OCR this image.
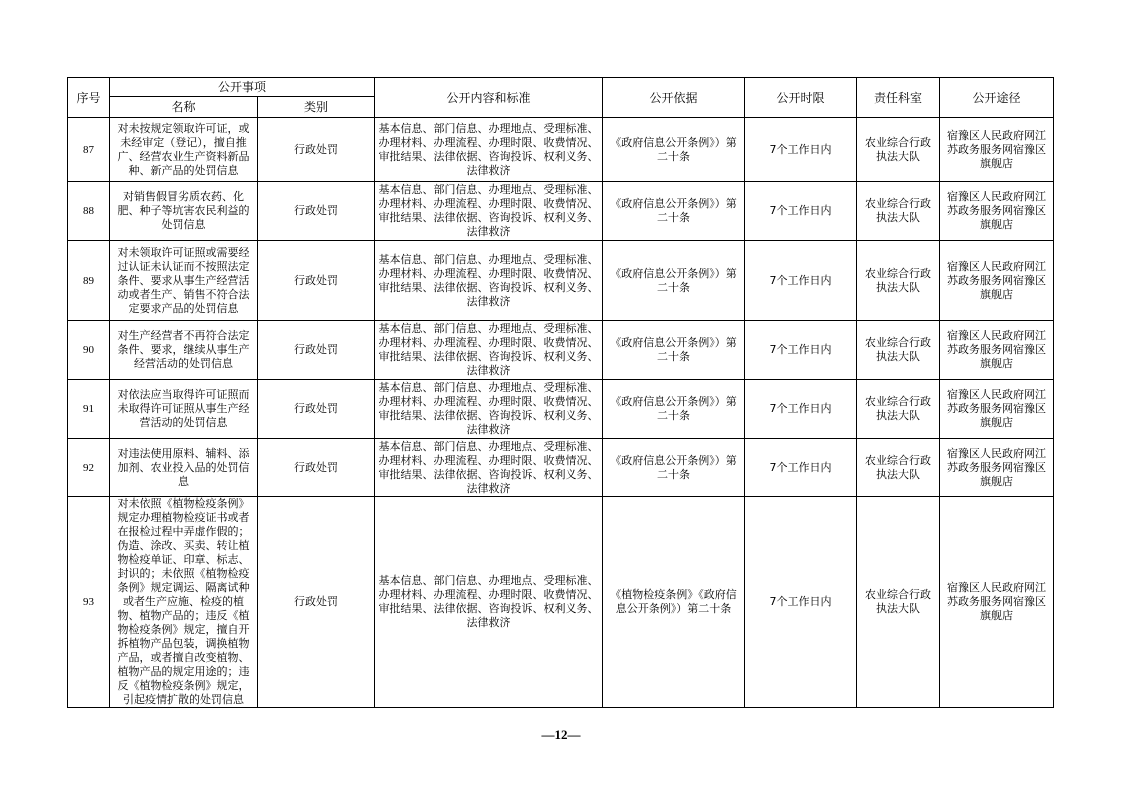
序号	公开事项		公开内容和标准	公开依据	公开时限	责任科室	公开途径
	名称	类别					
87	对未按规定领取许可证，或未经审定（登记），擅自推广、经营农业生产资料新品种、新产品的处罚信息	行政处罚	基本信息、部门信息、办理地点、受理标准、办理材料、办理流程、办理时限、收费情况、审批结果、法律依据、咨询投诉、权利义务、法律救济	《政府信息公开条例》）第二十条	7个工作日内	农业综合行政执法大队	宿豫区人民政府网江苏政务服务网宿豫区旗舰店
88	对销售假冒劣质农药、化肥、种子等坑害农民利益的处罚信息	行政处罚	基本信息、部门信息、办理地点、受理标准、办理材料、办理流程、办理时限、收费情况、审批结果、法律依据、咨询投诉、权利义务、法律救济	《政府信息公开条例》）第二十条	7个工作日内	农业综合行政执法大队	宿豫区人民政府网江苏政务服务网宿豫区旗舰店
89	对未领取许可证照或需要经过认证未认证而不按照法定条件、要求从事生产经营活动或者生产、销售不符合法定要求产品的处罚信息	行政处罚	基本信息、部门信息、办理地点、受理标准、办理材料、办理流程、办理时限、收费情况、审批结果、法律依据、咨询投诉、权利义务、法律救济	《政府信息公开条例》）第二十条	7个工作日内	农业综合行政执法大队	宿豫区人民政府网江苏政务服务网宿豫区旗舰店
90	对生产经营者不再符合法定条件、要求，继续从事生产经营活动的处罚信息	行政处罚	基本信息、部门信息、办理地点、受理标准、办理材料、办理流程、办理时限、收费情况、审批结果、法律依据、咨询投诉、权利义务、法律救济	《政府信息公开条例》）第二十条	7个工作日内	农业综合行政执法大队	宿豫区人民政府网江苏政务服务网宿豫区旗舰店
91	对依法应当取得许可证照而未取得许可证照从事生产经营活动的处罚信息	行政处罚	基本信息、部门信息、办理地点、受理标准、办理材料、办理流程、办理时限、收费情况、审批结果、法律依据、咨询投诉、权利义务、法律救济	《政府信息公开条例》）第二十条	7个工作日内	农业综合行政执法大队	宿豫区人民政府网江苏政务服务网宿豫区旗舰店
92	对违法使用原料、辅料、添加剂、农业投入品的处罚信息	行政处罚	基本信息、部门信息、办理地点、受理标准、办理材料、办理流程、办理时限、收费情况、审批结果、法律依据、咨询投诉、权利义务、法律救济	《政府信息公开条例》）第二十条	7个工作日内	农业综合行政执法大队	宿豫区人民政府网江苏政务服务网宿豫区旗舰店
93	对未依照《植物检疫条例》规定办理植物检疫证书或者在报检过程中弄虚作假的；伪造、涂改、买卖、转让植物检疫单证、印章、标志、封识的；未依照《植物检疫条例》规定调运、隔离试种或者生产应施、检疫的植物、植物产品的；违反《植物检疫条例》规定，擅自开拆植物产品包装，调换植物产品，或者擅自改变植物、植物产品的规定用途的；违反《植物检疫条例》规定，引起疫情扩散的处罚信息	行政处罚	基本信息、部门信息、办理地点、受理标准、办理材料、办理流程、办理时限、收费情况、审批结果、法律依据、咨询投诉、权利义务、法律救济	《植物检疫条例》《政府信息公开条例》）第二十条	7个工作日内	农业综合行政执法大队	宿豫区人民政府网江苏政务服务网宿豫区旗舰店
—12—
